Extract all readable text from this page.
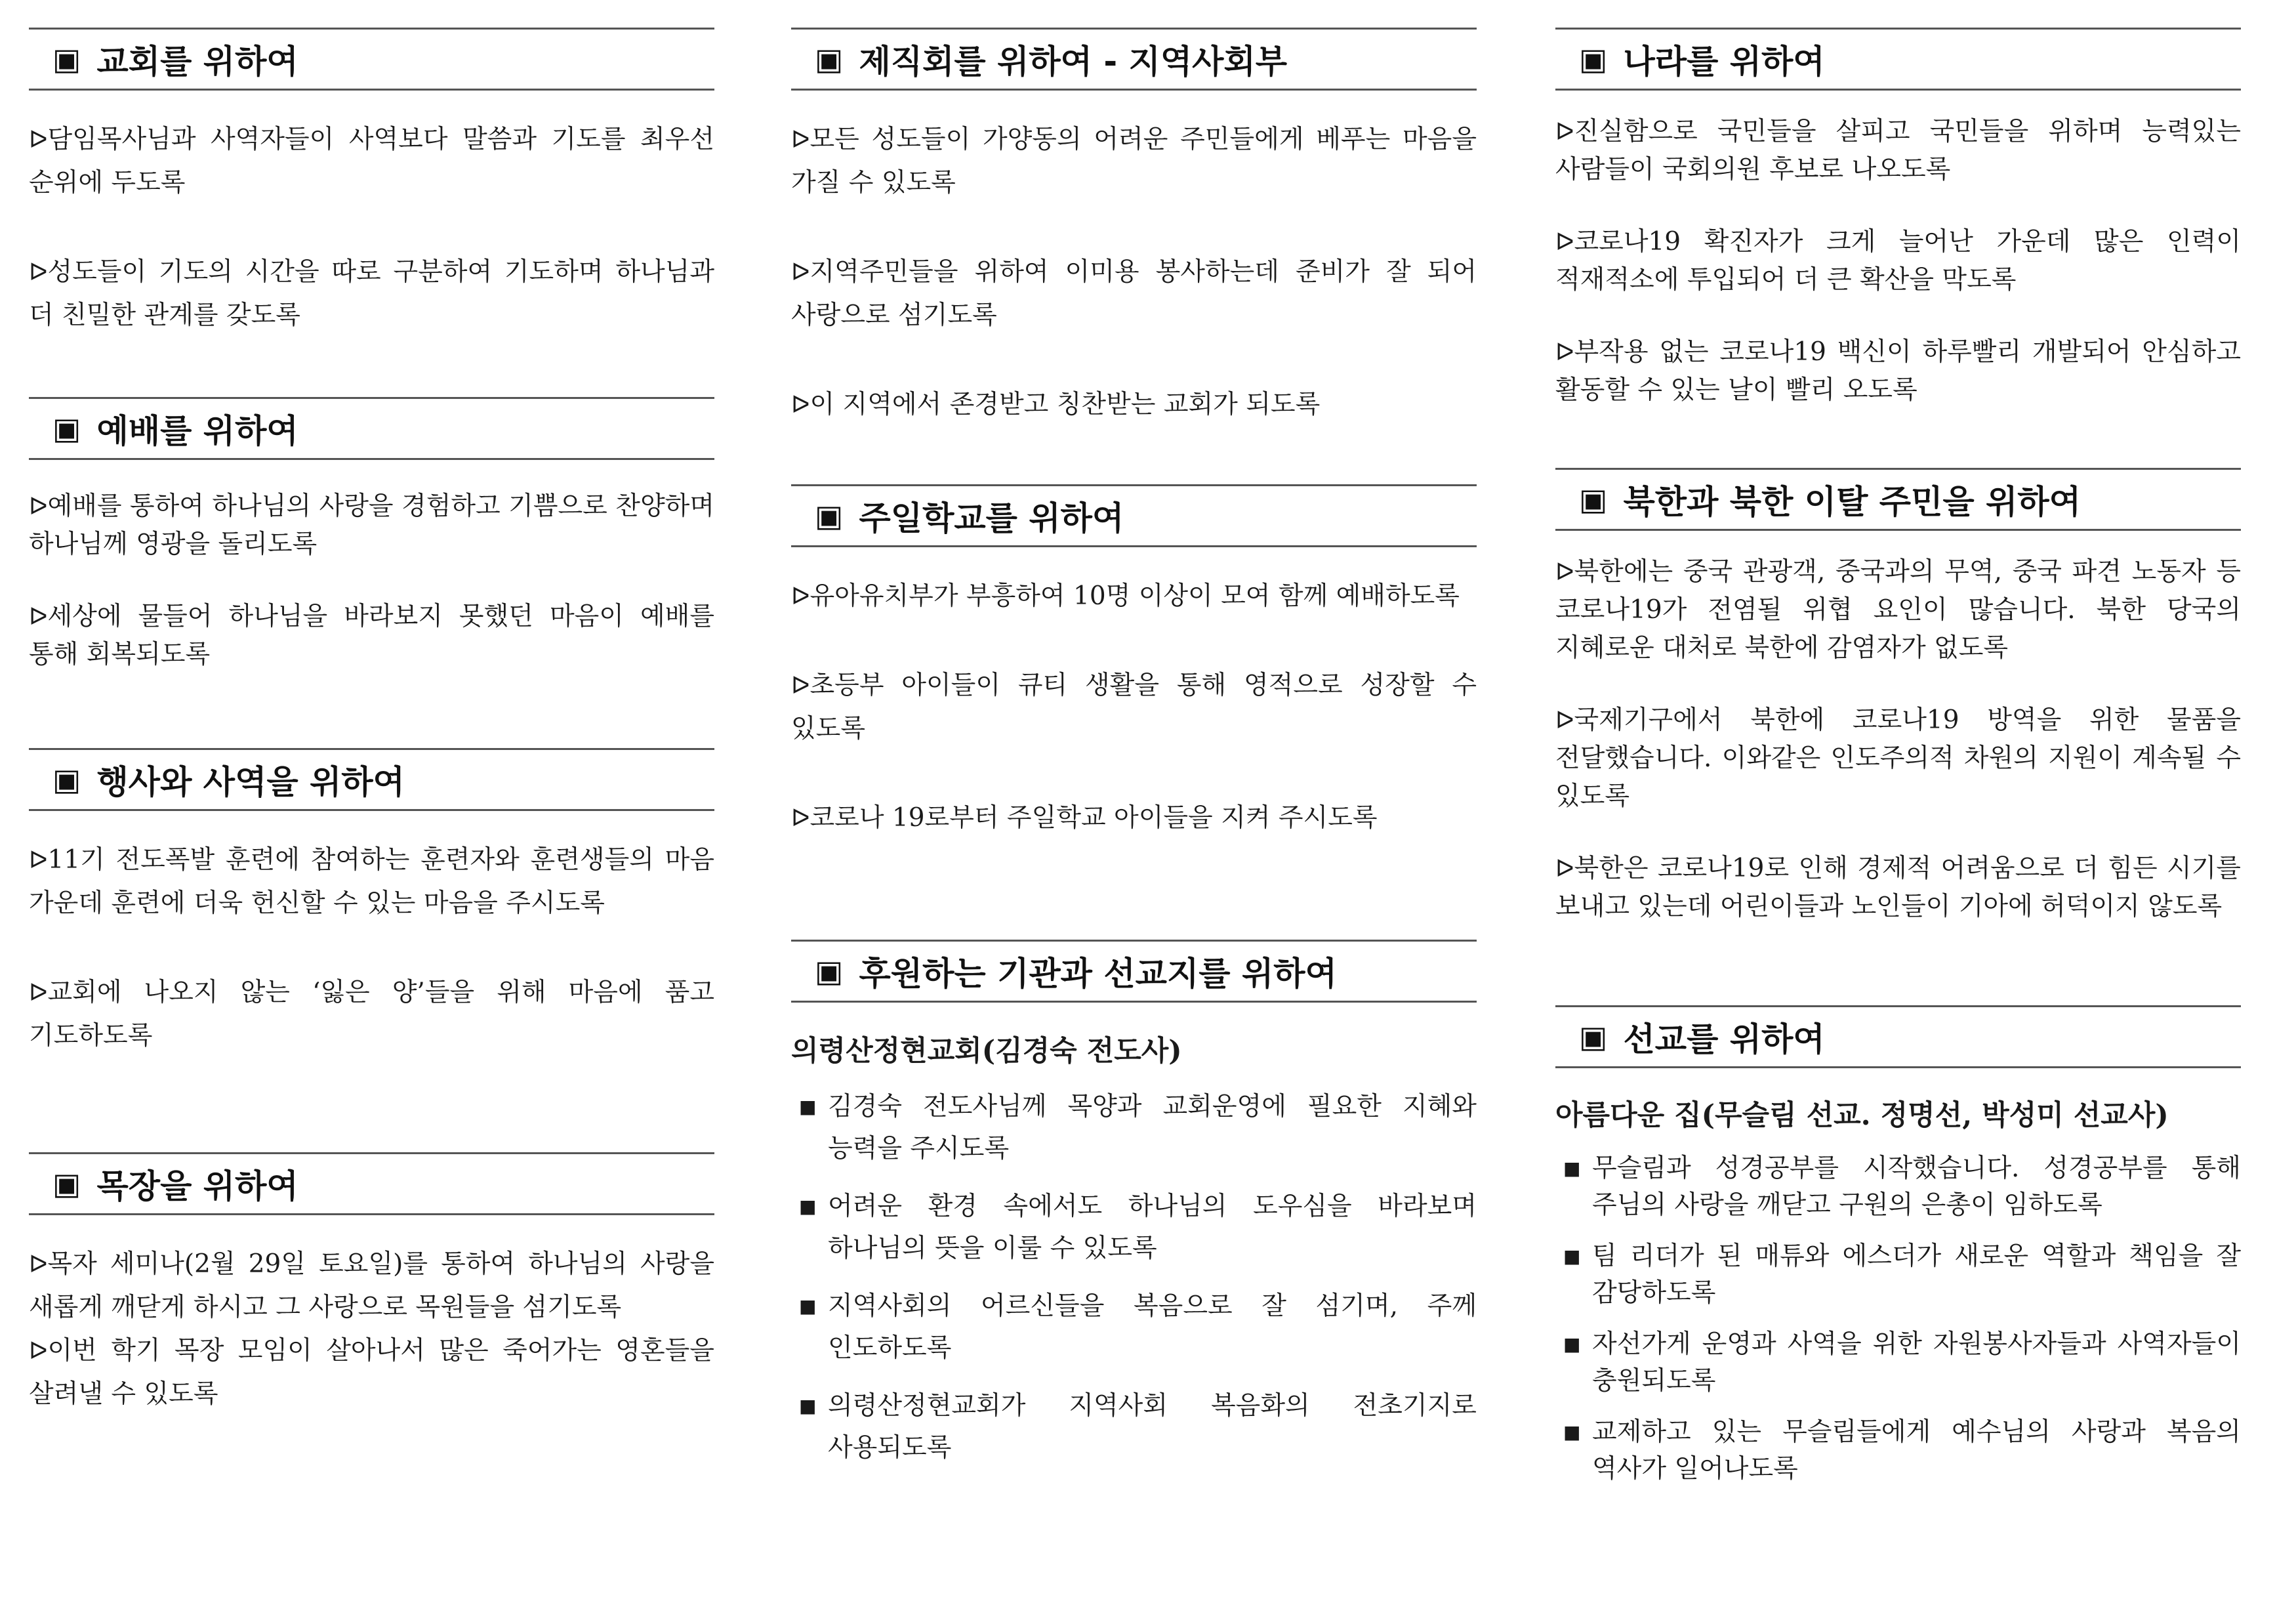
▣ 교회를 위하여

ᐅ담임목사님과 사역자들이 사역보다 말씀과 기도를 최우선 순위에 두도록

ᐅ성도들이 기도의 시간을 따로 구분하여 기도하며 하나님과 더 친밀한 관계를 갖도록

▣ 예배를 위하여

ᐅ예배를 통하여 하나님의 사랑을 경험하고 기쁨으로 찬양하며 하나님께 영광을 돌리도록

ᐅ세상에 물들어 하나님을 바라보지 못했던 마음이 예배를 통해 회복되도록

▣ 행사와 사역을 위하여

ᐅ11기 전도폭발 훈련에 참여하는 훈련자와 훈련생들의 마음 가운데 훈련에 더욱 헌신할 수 있는 마음을 주시도록

ᐅ교회에 나오지 않는 ‘잃은 양’들을 위해 마음에 품고 기도하도록

▣ 목장을 위하여

ᐅ목자 세미나(2월 29일 토요일)를 통하여 하나님의 사랑을 새롭게 깨닫게 하시고 그 사랑으로 목원들을 섬기도록

ᐅ이번 학기 목장 모임이 살아나서 많은 죽어가는 영혼들을 살려낼 수 있도록

▣ 제직회를 위하여 - 지역사회부

ᐅ모든 성도들이 가양동의 어려운 주민들에게 베푸는 마음을 가질 수 있도록

ᐅ지역주민들을 위하여 이미용 봉사하는데 준비가 잘 되어 사랑으로 섬기도록

ᐅ이 지역에서 존경받고 칭찬받는 교회가 되도록

▣ 주일학교를 위하여

ᐅ유아유치부가 부흥하여 10명 이상이 모여 함께 예배하도록

ᐅ초등부 아이들이 큐티 생활을 통해 영적으로 성장할 수 있도록

ᐅ코로나 19로부터 주일학교 아이들을 지켜 주시도록

▣ 후원하는 기관과 선교지를 위하여
의령산정현교회(김경숙 전도사)
■ 김경숙 전도사님께 목양과 교회운영에 필요한 지혜와 능력을 주시도록
■ 어려운 환경 속에서도 하나님의 도우심을 바라보며 하나님의 뜻을 이룰 수 있도록
■ 지역사회의 어르신들을 복음으로 잘 섬기며, 주께 인도하도록
■ 의령산정현교회가 지역사회 복음화의 전초기지로 사용되도록
▣ 나라를 위하여

ᐅ진실함으로 국민들을 살피고 국민들을 위하며 능력있는 사람들이 국회의원 후보로 나오도록

ᐅ코로나19 확진자가 크게 늘어난 가운데 많은 인력이 적재적소에 투입되어 더 큰 확산을 막도록

ᐅ부작용 없는 코로나19 백신이 하루빨리 개발되어 안심하고 활동할 수 있는 날이 빨리 오도록

▣ 북한과 북한 이탈 주민을 위하여

ᐅ북한에는 중국 관광객, 중국과의 무역, 중국 파견 노동자 등 코로나19가 전염될 위협 요인이 많습니다. 북한 당국의 지혜로운 대처로 북한에 감염자가 없도록

ᐅ국제기구에서 북한에 코로나19 방역을 위한 물품을 전달했습니다. 이와같은 인도주의적 차원의 지원이 계속될 수 있도록

ᐅ북한은 코로나19로 인해 경제적 어려움으로 더 힘든 시기를 보내고 있는데 어린이들과 노인들이 기아에 허덕이지 않도록

▣ 선교를 위하여
아름다운 집(무슬림 선교. 정명선, 박성미 선교사)
■ 무슬림과 성경공부를 시작했습니다. 성경공부를 통해 주님의 사랑을 깨닫고 구원의 은총이 임하도록
■ 팀 리더가 된 매튜와 에스더가 새로운 역할과 책임을 잘 감당하도록
■ 자선가게 운영과 사역을 위한 자원봉사자들과 사역자들이 충원되도록
■ 교제하고 있는 무슬림들에게 예수님의 사랑과 복음의 역사가 일어나도록
